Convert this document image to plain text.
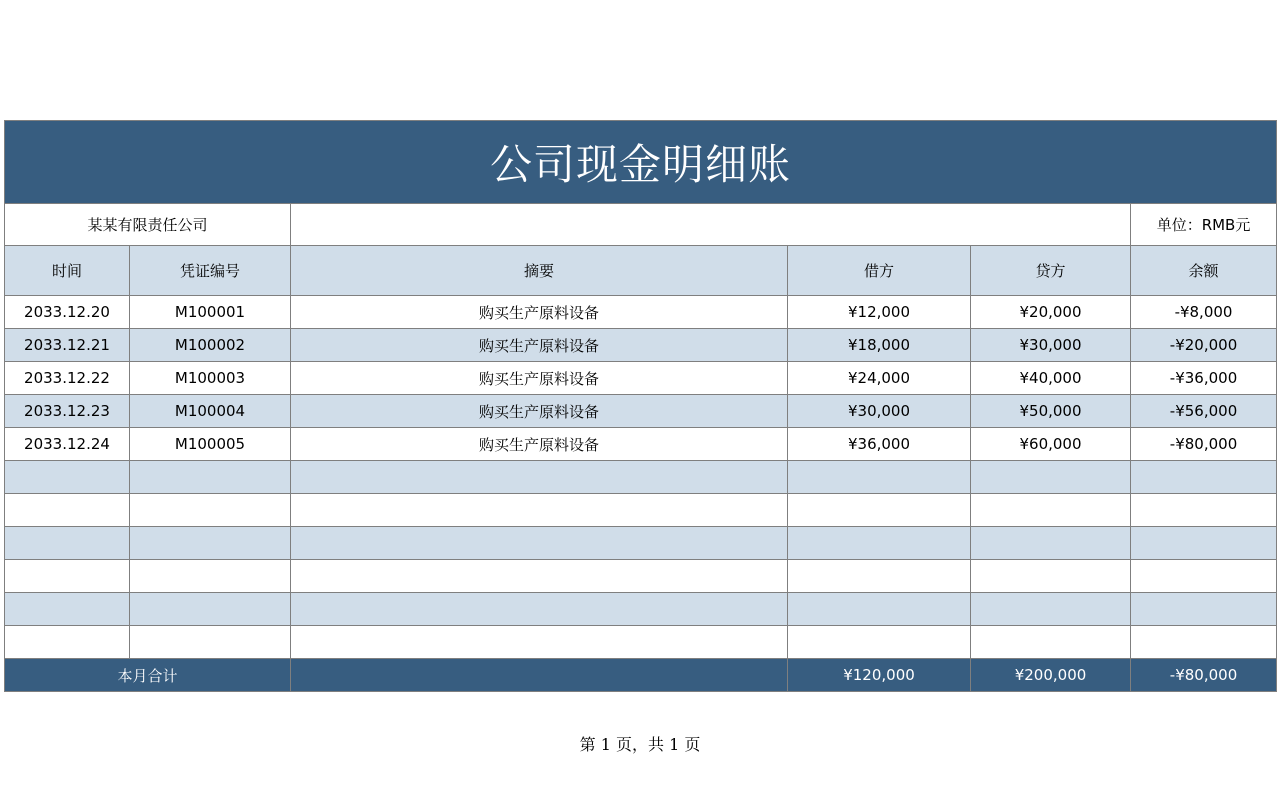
公司现金明细账					
某某有限责任公司					单位：RMB元
时间	凭证编号	摘要	借方	贷方	余额
2033.12.20	M100001	购买生产原料设备	¥12,000	¥20,000	-¥8,000
2033.12.21	M100002	购买生产原料设备	¥18,000	¥30,000	-¥20,000
2033.12.22	M100003	购买生产原料设备	¥24,000	¥40,000	-¥36,000
2033.12.23	M100004	购买生产原料设备	¥30,000	¥50,000	-¥56,000
2033.12.24	M100005	购买生产原料设备	¥36,000	¥60,000	-¥80,000

本月合计			¥120,000	¥200,000	-¥80,000
第 1 页，共 1 页
